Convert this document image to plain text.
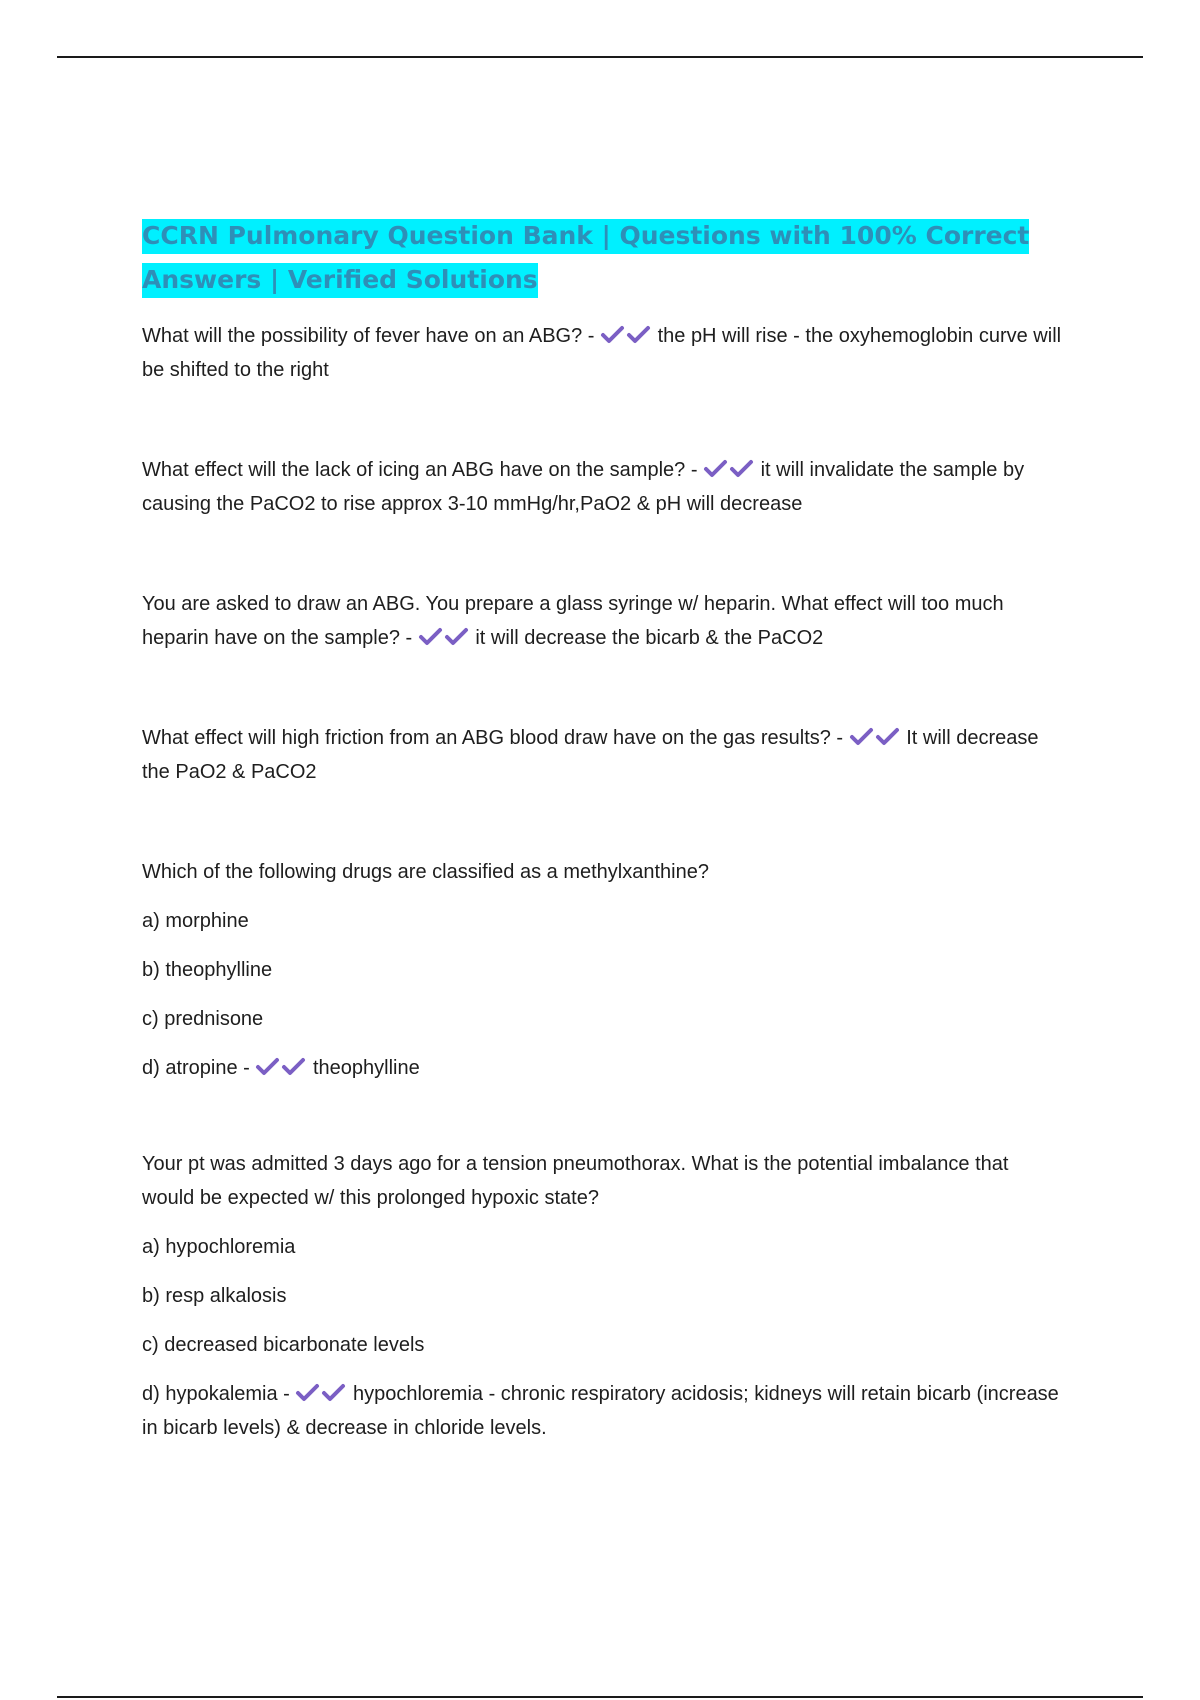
CCRN Pulmonary Question Bank | Questions with 100% Correct
Answers | Verified Solutions

What will the possibility of fever have on an ABG? -	the pH will rise - the oxyhemoglobin curve will be shifted to the right

What effect will the lack of icing an ABG have on the sample? -	it will invalidate the sample by causing the PaCO2 to rise approx 3-10 mmHg/hr,PaO2 & pH will decrease

You are asked to draw an ABG. You prepare a glass syringe w/ heparin. What effect will too much heparin have on the sample? -	it will decrease the bicarb & the PaCO2

What effect will high friction from an ABG blood draw have on the gas results? -	It will decrease the PaO2 & PaCO2

Which of the following drugs are classified as a methylxanthine?

a) morphine

b) theophylline

c) prednisone

d) atropine -	theophylline

Your pt was admitted 3 days ago for a tension pneumothorax. What is the potential imbalance that would be expected w/ this prolonged hypoxic state?

a) hypochloremia

b) resp alkalosis

c) decreased bicarbonate levels

d) hypokalemia -	hypochloremia - chronic respiratory acidosis; kidneys will retain bicarb (increase in bicarb levels) & decrease in chloride levels.
